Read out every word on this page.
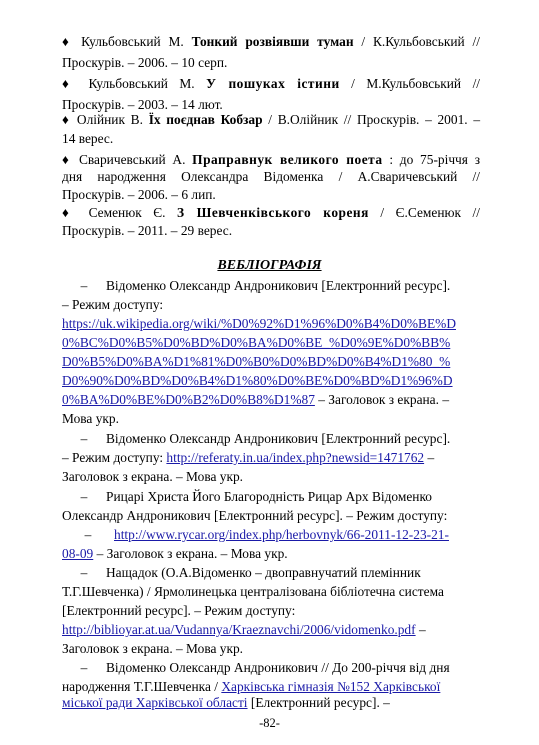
♦ Кульбовський М. Тонкий розвіявши туман / К.Кульбовський //
Проскурів. – 2006. – 10 серп.
♦ Кульбовський М. У пошуках істини / М.Кульбовський //
Проскурів. – 2003. – 14 лют.
♦ Олійник В. Їх поєднав Кобзар / В.Олійник // Проскурів. – 2001. –
14 верес.
♦ Сваричевський А. Праправнук великого поета : до 75-річчя з
дня народження Олександра Відоменка / А.Сваричевський //
Проскурів. – 2006. – 6 лип.
♦ Семенюк Є. З Шевченківського кореня / Є.Семенюк //
Проскурів. – 2011. – 29 верес.
ВЕБЛІОГРАФІЯ
– Відоменко Олександр Андроникович [Електронний ресурс].
– Режим доступу:
https://uk.wikipedia.org/wiki/%D0%92%D1%96%D0%B4%D0%BE%D
0%BC%D0%B5%D0%BD%D0%BA%D0%BE_%D0%9E%D0%BB%
D0%B5%D0%BA%D1%81%D0%B0%D0%BD%D0%B4%D1%80_%
D0%90%D0%BD%D0%B4%D1%80%D0%BE%D0%BD%D1%96%D
0%BA%D0%BE%D0%B2%D0%B8%D1%87 – Заголовок з екрана. –
Мова укр.
– Відоменко Олександр Андроникович [Електронний ресурс].
– Режим доступу: http://referaty.in.ua/index.php?newsid=1471762 –
Заголовок з екрана. – Мова укр.
– Рицарі Христа Його Благородність Рицар Арх Відоменко
Олександр Андроникович [Електронний ресурс]. – Режим доступу:
– http://www.rycar.org/index.php/herbovnyk/66-2011-12-23-21-
08-09 – Заголовок з екрана. – Мова укр.
– Нащадок (О.А.Відоменко – двоправнучатий племінник
Т.Г.Шевченка) / Ярмолинецька централізована бібліотечна система
[Електронний ресурс]. – Режим доступу:
http://biblioyar.at.ua/Vudannya/Kraeznavchi/2006/vidomenko.pdf –
Заголовок з екрана. – Мова укр.
– Відоменко Олександр Андроникович // До 200-річчя від дня
народження Т.Г.Шевченка / Харківська гімназія №152 Харківської
міської ради Харківської області [Електронний ресурс]. –
-82-
